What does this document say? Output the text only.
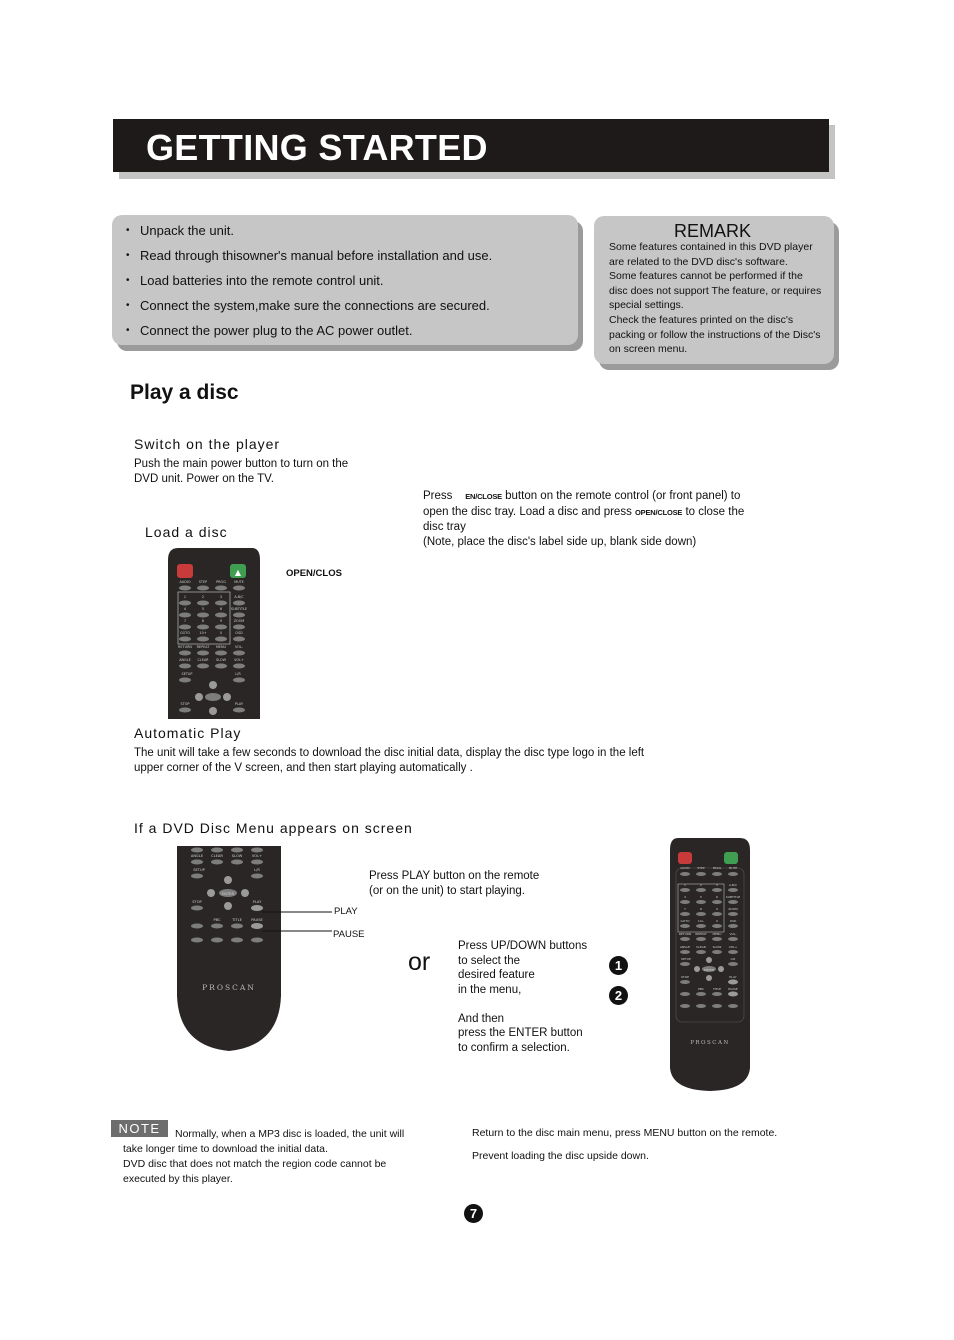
GETTING STARTED
• Unpack the unit.
• Read through thisowner's manual before installation and use.
• Load batteries into the remote control unit.
• Connect the system,make sure the connections are secured.
• Connect the power plug to the AC power outlet.
REMARK
Some features contained in this DVD player
are related to the DVD disc's software.
Some features cannot be performed if the
disc does not support The feature, or requires
special settings.
Check the features printed on the disc's
packing or follow the instructions of the Disc's
on screen menu.
Play a disc
Switch on the player
Push the main power button to turn on the
DVD unit. Power on the TV.
Load a disc
Press EN/CLOSE button on the remote control (or front panel) to
open the disc tray. Load a disc and press OPEN/CLOSE to close the
disc tray
(Note, place the disc's label side up, blank side down)
OPEN/CLOS
▲
AUDIO STEP	PROG MUTE
1	2	3	A-B/C
4	5	6	SUBTITLE
7	8	9	ZOOM
GOTO	10+	0	OSD
RETURN REPEAT MENU	VOL-
ANGLE CLEAR SLOW VOL+
SETUP	L/R
STOP	PLAY
Automatic Play
The unit will take a few seconds to download the disc initial data, display the disc type logo in the left
upper corner of the V screen, and then start playing automatically .
If a DVD Disc Menu appears on screen
ANGLE CLEAR SLOW	VOL+
SETUP	L/R
ENTER
STOP	PLAY
PBC	TITLE	PAUSE
PROSCAN
Press PLAY button on the remote
(or on the unit) to start playing.
PLAY
PAUSE
or
Press UP/DOWN buttons
to select the
desired feature
in the menu,
And then
press the ENTER button
to confirm a selection.
1
2
AUDIO STEP	PROG MUTE
1	2	3	A-B/C
4	5	6	SUBTITLE
7	8	9	ZOOM
GOTO	10+	0	OSD
RETURN REPEAT MENU	VOL-
ANGLE CLEAR SLOW VOL+
SETUP	L/R
ENTER
STOP	PLAY
PBC	TITLE PAUSE
PROSCAN
NOTE	Normally, when a MP3 disc is loaded, the unit will
take longer time to download the initial data.
DVD disc that does not match the region code cannot be
executed by this player.
Return to the disc main menu, press MENU button on the remote.
Prevent loading the disc upside down.
7
